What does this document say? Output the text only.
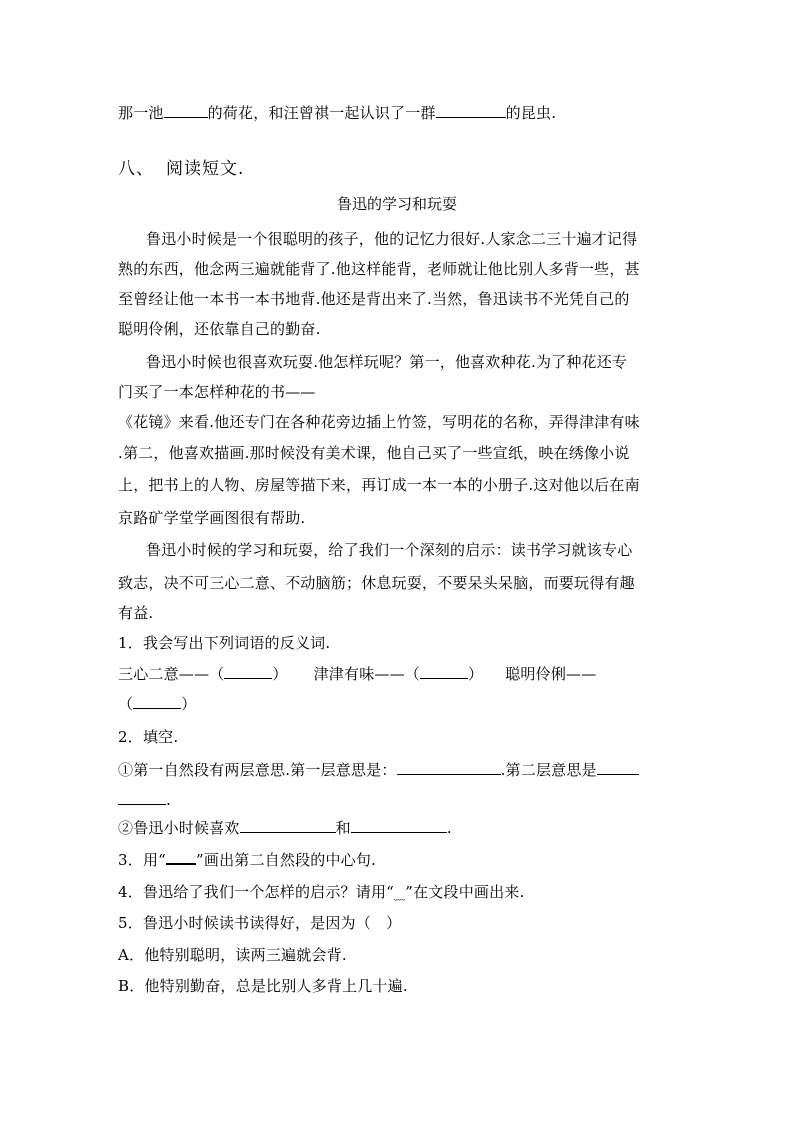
那一池	的荷花，和汪曾祺一起认识了一群	的昆虫.
八、 阅读短文.
鲁迅的学习和玩耍
鲁迅小时候是一个很聪明的孩子，他的记忆力很好.人家念二三十遍才记得
熟的东西，他念两三遍就能背了.他这样能背，老师就让他比别人多背一些，甚
至曾经让他一本书一本书地背.他还是背出来了.当然，鲁迅读书不光凭自己的
聪明伶俐，还依靠自己的勤奋.
鲁迅小时候也很喜欢玩耍.他怎样玩呢？第一，他喜欢种花.为了种花还专
门买了一本怎样种花的书——
《花镜》来看.他还专门在各种花旁边插上竹签，写明花的名称，弄得津津有味
.第二，他喜欢描画.那时候没有美术课，他自己买了一些宣纸，映在绣像小说
上，把书上的人物、房屋等描下来，再订成一本一本的小册子.这对他以后在南
京路矿学堂学画图很有帮助.
鲁迅小时候的学习和玩耍，给了我们一个深刻的启示：读书学习就该专心
致志，决不可三心二意、不动脑筋；休息玩耍，不要呆头呆脑，而要玩得有趣
有益.
1．我会写出下列词语的反义词.
三心二意——（	） 津津有味——（	） 聪明伶俐——
（	）
2．填空.
①第一自然段有两层意思.第一层意思是：	.第二层意思是
.
②鲁迅小时候喜欢	和	.
3．用“ ”画出第二自然段的中心句.
4．鲁迅给了我们一个怎样的启示？请用“﹏”在文段中画出来.
5．鲁迅小时候读书读得好，是因为（　）
A．他特别聪明，读两三遍就会背.
B．他特别勤奋，总是比别人多背上几十遍.
